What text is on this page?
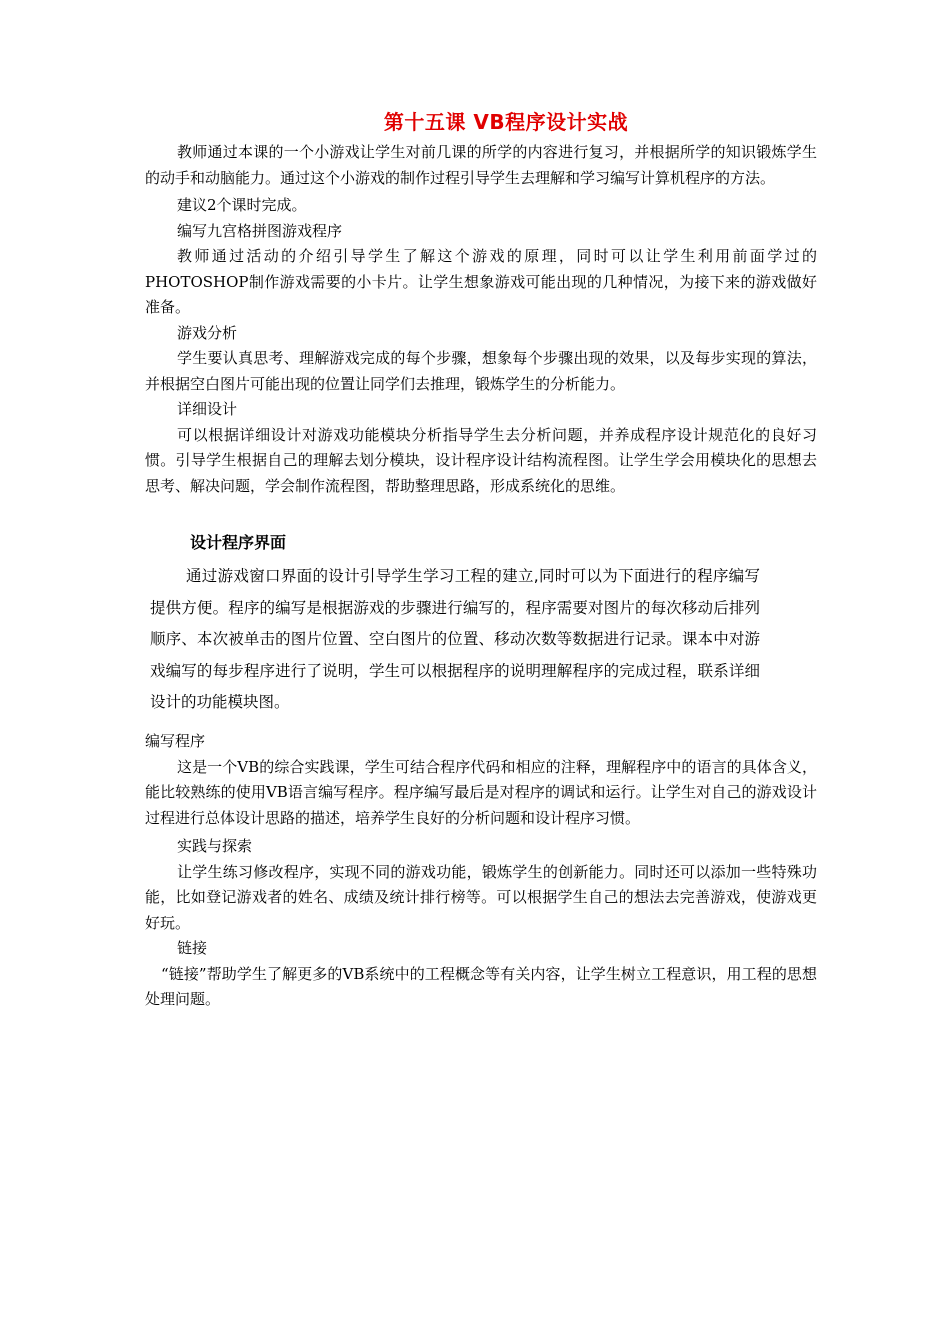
第十五课 VB程序设计实战

教师通过本课的一个小游戏让学生对前几课的所学的内容进行复习，并根据所学的知识锻炼学生的动手和动脑能力。通过这个小游戏的制作过程引导学生去理解和学习编写计算机程序的方法。

建议2个课时完成。

编写九宫格拼图游戏程序

教师通过活动的介绍引导学生了解这个游戏的原理，同时可以让学生利用前面学过的PHOTOSHOP制作游戏需要的小卡片。让学生想象游戏可能出现的几种情况，为接下来的游戏做好准备。

游戏分析

学生要认真思考、理解游戏完成的每个步骤，想象每个步骤出现的效果，以及每步实现的算法，并根据空白图片可能出现的位置让同学们去推理，锻炼学生的分析能力。

详细设计

可以根据详细设计对游戏功能模块分析指导学生去分析问题，并养成程序设计规范化的良好习惯。引导学生根据自己的理解去划分模块，设计程序设计结构流程图。让学生学会用模块化的思想去思考、解决问题，学会制作流程图，帮助整理思路，形成系统化的思维。

设计程序界面

通过游戏窗口界面的设计引导学生学习工程的建立,同时可以为下面进行的程序编写提供方便。程序的编写是根据游戏的步骤进行编写的，程序需要对图片的每次移动后排列顺序、本次被单击的图片位置、空白图片的位置、移动次数等数据进行记录。课本中对游戏编写的每步程序进行了说明，学生可以根据程序的说明理解程序的完成过程，联系详细设计的功能模块图。

编写程序

这是一个VB的综合实践课，学生可结合程序代码和相应的注释，理解程序中的语言的具体含义，能比较熟练的使用VB语言编写程序。程序编写最后是对程序的调试和运行。让学生对自己的游戏设计过程进行总体设计思路的描述，培养学生良好的分析问题和设计程序习惯。

实践与探索

让学生练习修改程序，实现不同的游戏功能，锻炼学生的创新能力。同时还可以添加一些特殊功能，比如登记游戏者的姓名、成绩及统计排行榜等。可以根据学生自己的想法去完善游戏，使游戏更好玩。

链接

“链接”帮助学生了解更多的VB系统中的工程概念等有关内容，让学生树立工程意识，用工程的思想处理问题。
